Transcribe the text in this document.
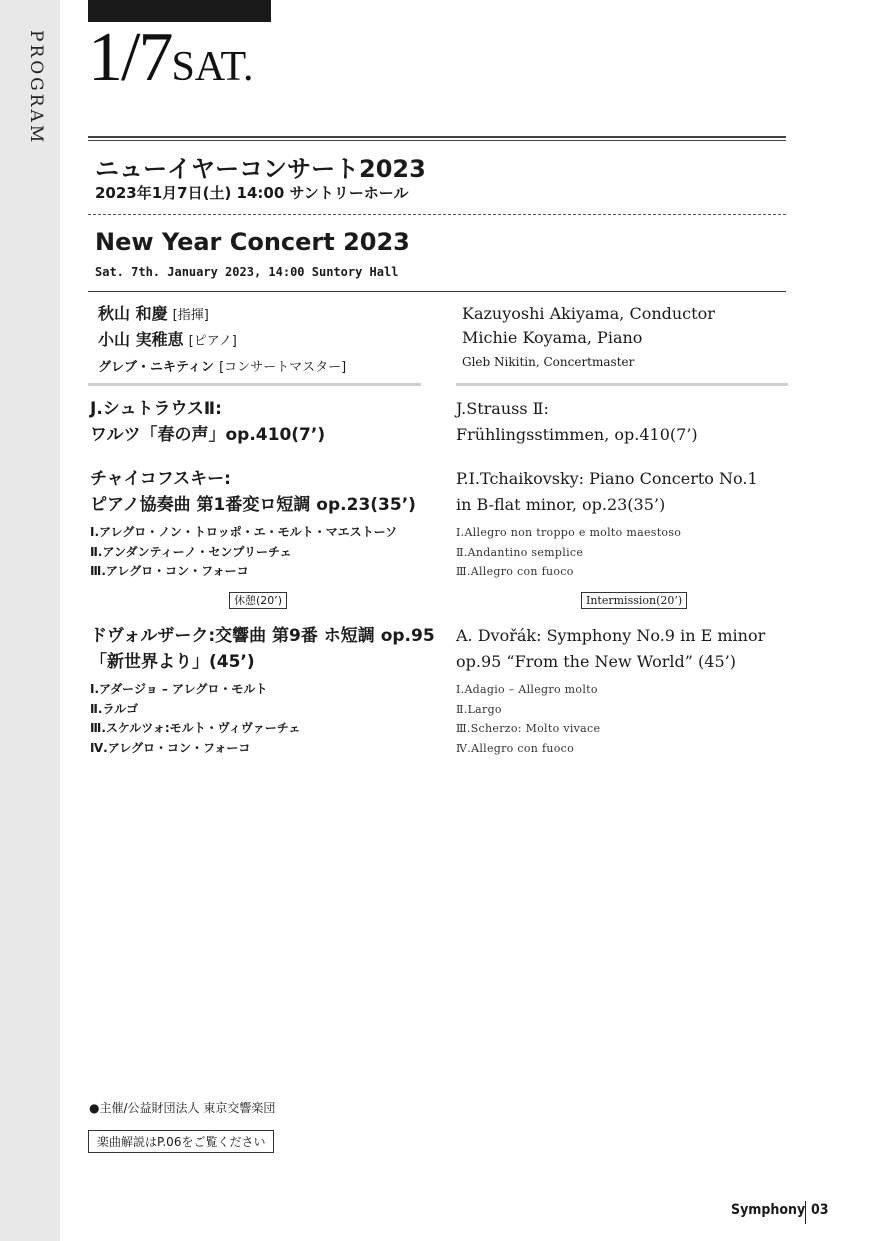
PROGRAM 1/7SAT.
ニューイヤーコンサート2023
2023年1月7日(土) 14:00 サントリーホール
New Year Concert 2023
Sat. 7th. January 2023, 14:00 Suntory Hall
秋山 和慶 [指揮]
小山 実稚恵 [ピアノ]
グレブ・ニキティン [コンサートマスター]
Kazuyoshi Akiyama, Conductor
Michie Koyama, Piano
Gleb Nikitin, Concertmaster
J.シュトラウスⅡ:
ワルツ「春の声」op.410(7’)
J.Strauss Ⅱ:
Frühlingsstimmen, op.410(7’)
チャイコフスキー:
ピアノ協奏曲 第1番変ロ短調 op.23(35’)
Ⅰ.アレグロ・ノン・トロッポ・エ・モルト・マエストーソ
Ⅱ.アンダンティーノ・センプリーチェ
Ⅲ.アレグロ・コン・フォーコ
P.I.Tchaikovsky: Piano Concerto No.1
in B-flat minor, op.23(35’)
Ⅰ.Allegro non troppo e molto maestoso
Ⅱ.Andantino semplice
Ⅲ.Allegro con fuoco
休憩(20’)	Intermission(20’)
ドヴォルザーク:交響曲 第9番 ホ短調 op.95
「新世界より」(45’)
Ⅰ.アダージョ – アレグロ・モルト
Ⅱ.ラルゴ
Ⅲ.スケルツォ:モルト・ヴィヴァーチェ
Ⅳ.アレグロ・コン・フォーコ
A. Dvořák: Symphony No.9 in E minor
op.95 “From the New World” (45’)
Ⅰ.Adagio – Allegro molto
Ⅱ.Largo
Ⅲ.Scherzo: Molto vivace
Ⅳ.Allegro con fuoco
●主催/公益財団法人 東京交響楽団
楽曲解説はP.06をご覧ください
Symphony 03
